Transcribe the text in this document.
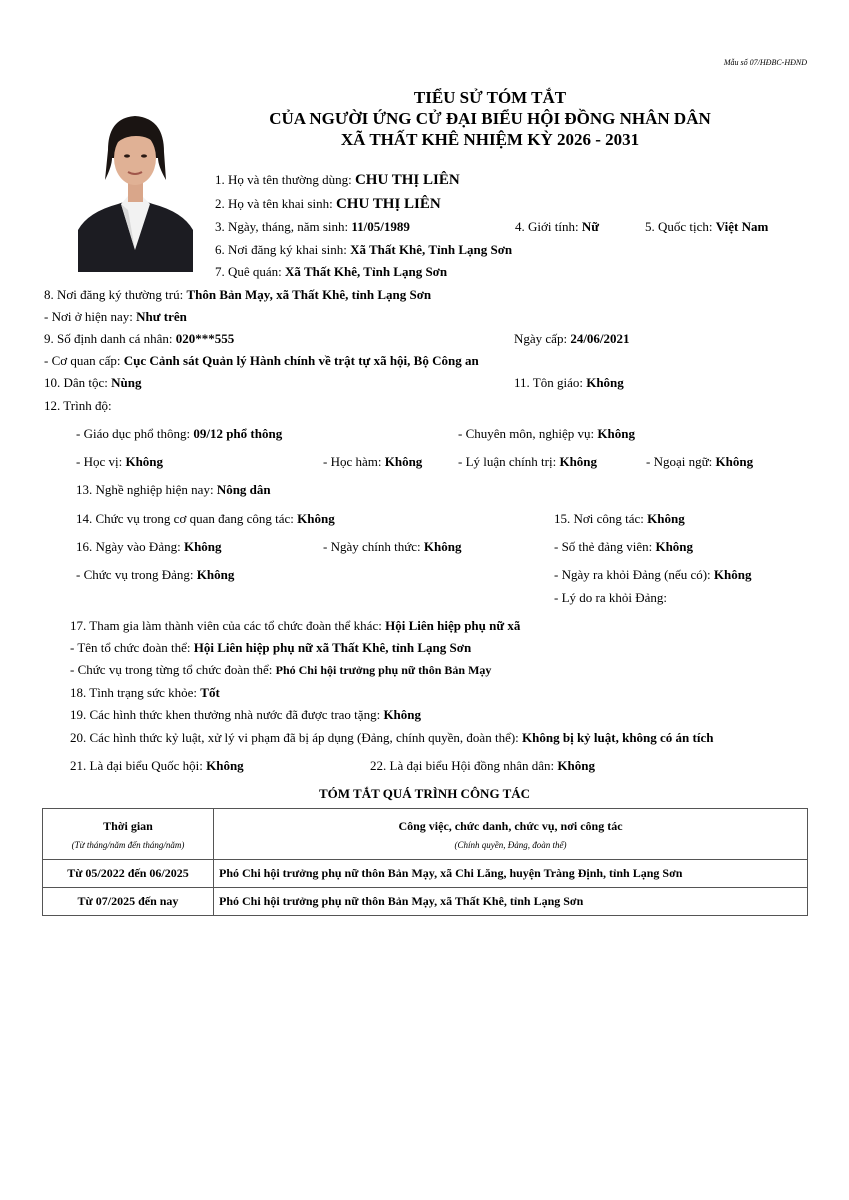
Mẫu số 07/HĐBC-HĐND
TIỂU SỬ TÓM TẮT
CỦA NGƯỜI ỨNG CỬ ĐẠI BIỂU HỘI ĐỒNG NHÂN DÂN
XÃ THẤT KHÊ NHIỆM KỲ 2026 - 2031
1. Họ và tên thường dùng: CHU THỊ LIÊN
2. Họ và tên khai sinh: CHU THỊ LIÊN
3. Ngày, tháng, năm sinh: 11/05/1989	4. Giới tính: Nữ	5. Quốc tịch: Việt Nam
6. Nơi đăng ký khai sinh: Xã Thất Khê, Tỉnh Lạng Sơn
7. Quê quán: Xã Thất Khê, Tỉnh Lạng Sơn
8. Nơi đăng ký thường trú: Thôn Bản Mạy, xã Thất Khê, tỉnh Lạng Sơn
- Nơi ở hiện nay: Như trên
9. Số định danh cá nhân: 020***555	Ngày cấp: 24/06/2021
- Cơ quan cấp: Cục Cảnh sát Quản lý Hành chính về trật tự xã hội, Bộ Công an
10. Dân tộc: Nùng	11. Tôn giáo: Không
12. Trình độ:
- Giáo dục phổ thông: 09/12 phổ thông	- Chuyên môn, nghiệp vụ: Không
- Học vị: Không	- Học hàm: Không	- Lý luận chính trị: Không	- Ngoại ngữ: Không
13. Nghề nghiệp hiện nay: Nông dân
14. Chức vụ trong cơ quan đang công tác: Không	15. Nơi công tác: Không
16. Ngày vào Đảng: Không	- Ngày chính thức: Không	- Số thẻ đảng viên: Không
- Chức vụ trong Đảng: Không	- Ngày ra khỏi Đảng (nếu có): Không
- Lý do ra khỏi Đảng:
17. Tham gia làm thành viên của các tổ chức đoàn thể khác: Hội Liên hiệp phụ nữ xã
- Tên tổ chức đoàn thể: Hội Liên hiệp phụ nữ xã Thất Khê, tỉnh Lạng Sơn
- Chức vụ trong từng tổ chức đoàn thể: Phó Chi hội trưởng phụ nữ thôn Bản Mạy
18. Tình trạng sức khỏe: Tốt
19. Các hình thức khen thưởng nhà nước đã được trao tặng: Không
20. Các hình thức kỷ luật, xử lý vi phạm đã bị áp dụng (Đảng, chính quyền, đoàn thể): Không bị kỷ luật, không có án tích
21. Là đại biểu Quốc hội: Không	22. Là đại biểu Hội đồng nhân dân: Không
TÓM TẮT QUÁ TRÌNH CÔNG TÁC
Thời gian
(Từ tháng/năm đến tháng/năm)	Công việc, chức danh, chức vụ, nơi công tác
(Chính quyền, Đảng, đoàn thể)

Từ 05/2022 đến 06/2025	Phó Chi hội trưởng phụ nữ thôn Bản Mạy, xã Chi Lăng, huyện Tràng Định, tỉnh Lạng Sơn
Từ 07/2025 đến nay	Phó Chi hội trưởng phụ nữ thôn Bản Mạy, xã Thất Khê, tỉnh Lạng Sơn
